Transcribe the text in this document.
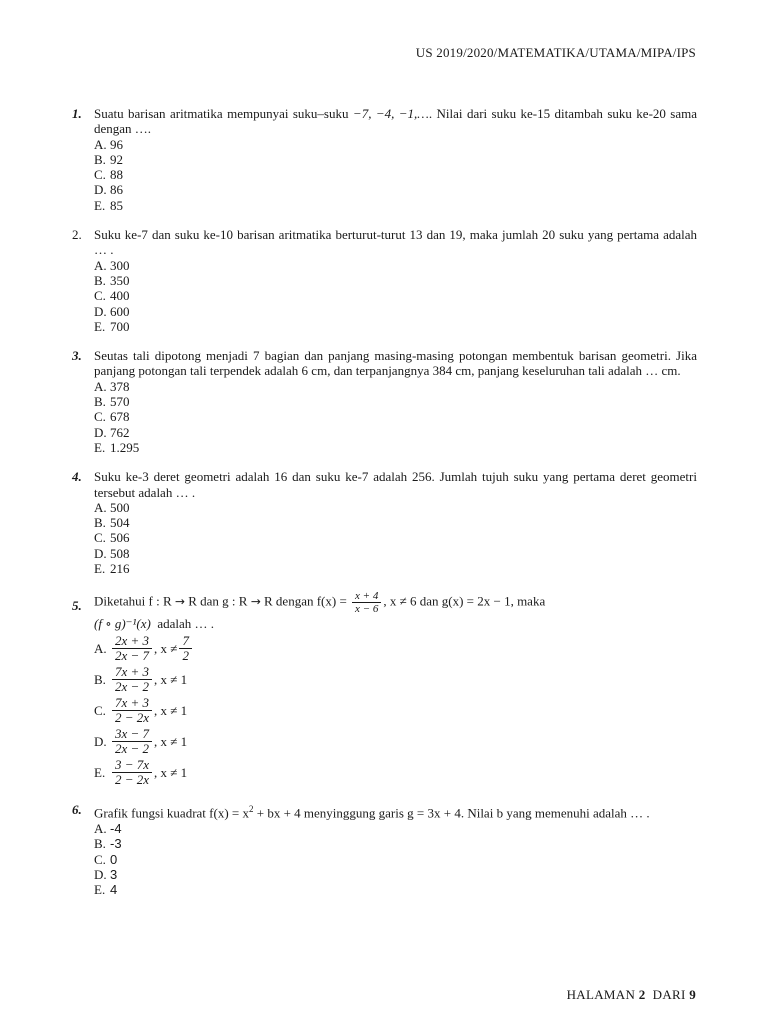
US 2019/2020/MATEMATIKA/UTAMA/MIPA/IPS
1. Suatu barisan aritmatika mempunyai suku–suku −7, −4, −1,…. Nilai dari suku ke-15 ditambah suku ke-20 sama dengan ….
A. 96
B. 92
C. 88
D. 86
E. 85
2. Suku ke-7 dan suku ke-10 barisan aritmatika berturut-turut 13 dan 19, maka jumlah 20 suku yang pertama adalah … .
A. 300
B. 350
C. 400
D. 600
E. 700
3. Seutas tali dipotong menjadi 7 bagian dan panjang masing-masing potongan membentuk barisan geometri. Jika panjang potongan tali terpendek adalah 6 cm, dan terpanjangnya 384 cm, panjang keseluruhan tali adalah … cm.
A. 378
B. 570
C. 678
D. 762
E. 1.295
4. Suku ke-3 deret geometri adalah 16 dan suku ke-7 adalah 256. Jumlah tujuh suku yang pertama deret geometri tersebut adalah … .
A. 500
B. 504
C. 506
D. 508
E. 216
5. Diketahui f : R → R dan g : R → R dengan $f(x) = \frac{x + 4}{x - 6}$ , x ≠ 6 dan g(x) = 2x − 1, maka
(f ∘ g)⁻¹(x) adalah … .
A. $\frac{2x + 3}{2x - 7}$ , $x \ne \frac{7}{2}$
B. $\frac{7x + 3}{2x - 2}$ , x ≠ 1
C. $\frac{7x + 3}{2 - 2x}$ , x ≠ 1
D. $\frac{3x - 7}{2x - 2}$ , x ≠ 1
E. $\frac{3 - 7x}{2 - 2x}$ , x ≠ 1
6. Grafik fungsi kuadrat $f(x) = x^2$ + bx + 4 menyinggung garis g = 3x + 4. Nilai b yang memenuhi adalah … .
A. -4
B. -3
C. 0
D. 3
E. 4
HALAMAN 2 DARI 9
